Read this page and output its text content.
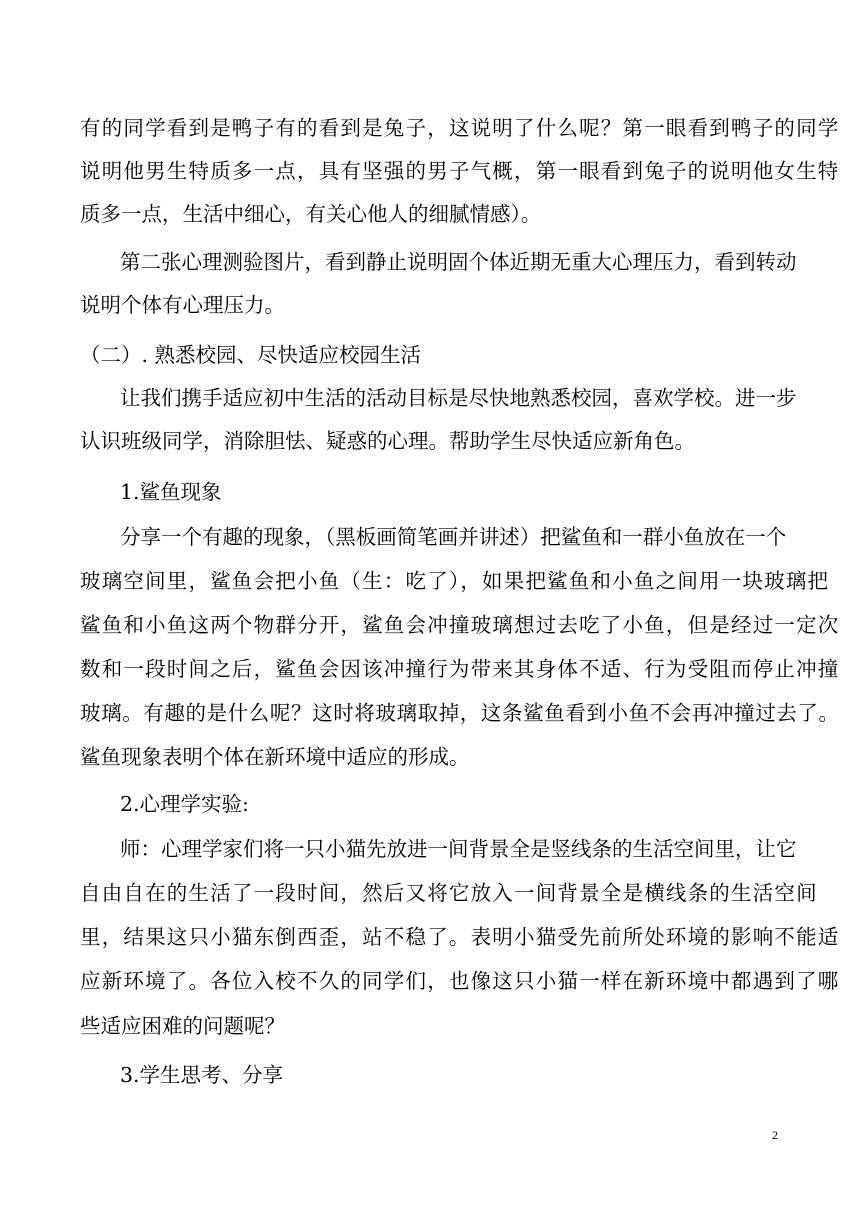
有的同学看到是鸭子有的看到是兔子，这说明了什么呢？第一眼看到鸭子的同学

说明他男生特质多一点，具有坚强的男子气概，第一眼看到兔子的说明他女生特

质多一点，生活中细心，有关心他人的细腻情感）。

第二张心理测验图片，看到静止说明固个体近期无重大心理压力，看到转动

说明个体有心理压力。

（二）. 熟悉校园、尽快适应校园生活

让我们携手适应初中生活的活动目标是尽快地熟悉校园，喜欢学校。进一步

认识班级同学，消除胆怯、疑惑的心理。帮助学生尽快适应新角色。

1.鲨鱼现象

分享一个有趣的现象，（黑板画简笔画并讲述）把鲨鱼和一群小鱼放在一个

玻璃空间里，鲨鱼会把小鱼（生：吃了），如果把鲨鱼和小鱼之间用一块玻璃把

鲨鱼和小鱼这两个物群分开，鲨鱼会冲撞玻璃想过去吃了小鱼，但是经过一定次

数和一段时间之后，鲨鱼会因该冲撞行为带来其身体不适、行为受阻而停止冲撞

玻璃。有趣的是什么呢？这时将玻璃取掉，这条鲨鱼看到小鱼不会再冲撞过去了。

鲨鱼现象表明个体在新环境中适应的形成。

2.心理学实验:

师：心理学家们将一只小猫先放进一间背景全是竖线条的生活空间里，让它

自由自在的生活了一段时间，然后又将它放入一间背景全是横线条的生活空间

里，结果这只小猫东倒西歪，站不稳了。表明小猫受先前所处环境的影响不能适

应新环境了。各位入校不久的同学们，也像这只小猫一样在新环境中都遇到了哪

些适应困难的问题呢？

3.学生思考、分享

2
